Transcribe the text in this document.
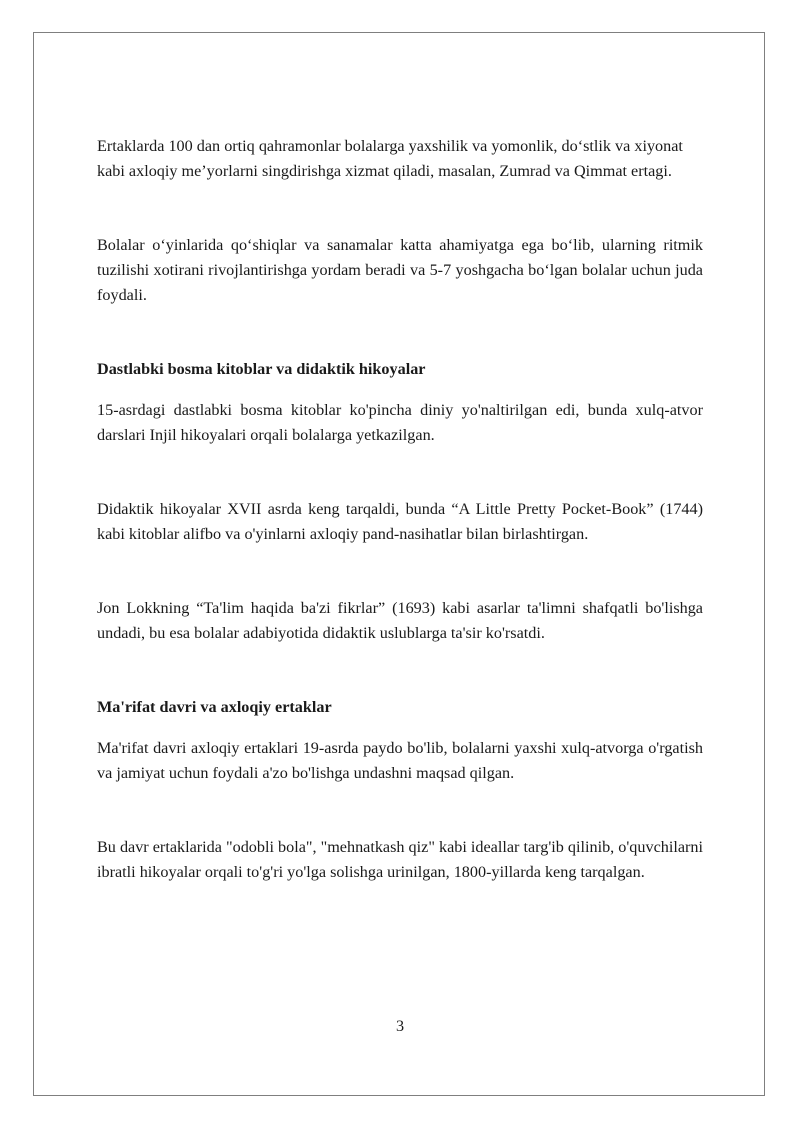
Ertaklarda 100 dan ortiq qahramonlar bolalarga yaxshilik va yomonlik, do‘stlik va xiyonat kabi axloqiy me’yorlarni singdirishga xizmat qiladi, masalan, Zumrad va Qimmat ertagi.

Bolalar o‘yinlarida qo‘shiqlar va sanamalar katta ahamiyatga ega bo‘lib, ularning ritmik tuzilishi xotirani rivojlantirishga yordam beradi va 5-7 yoshgacha bo‘lgan bolalar uchun juda foydali.

Dastlabki bosma kitoblar va didaktik hikoyalar

15-asrdagi dastlabki bosma kitoblar ko'pincha diniy yo'naltirilgan edi, bunda xulq-atvor darslari Injil hikoyalari orqali bolalarga yetkazilgan.

Didaktik hikoyalar XVII asrda keng tarqaldi, bunda “A Little Pretty Pocket-Book” (1744) kabi kitoblar alifbo va o'yinlarni axloqiy pand-nasihatlar bilan birlashtirgan.

Jon Lokkning “Ta'lim haqida ba'zi fikrlar” (1693) kabi asarlar ta'limni shafqatli bo'lishga undadi, bu esa bolalar adabiyotida didaktik uslublarga ta'sir ko'rsatdi.

Ma'rifat davri va axloqiy ertaklar

Ma'rifat davri axloqiy ertaklari 19-asrda paydo bo'lib, bolalarni yaxshi xulq-atvorga o'rgatish va jamiyat uchun foydali a'zo bo'lishga undashni maqsad qilgan.

Bu davr ertaklarida "odobli bola", "mehnatkash qiz" kabi ideallar targ'ib qilinib, o'quvchilarni ibratli hikoyalar orqali to'g'ri yo'lga solishga urinilgan, 1800-yillarda keng tarqalgan.

3
